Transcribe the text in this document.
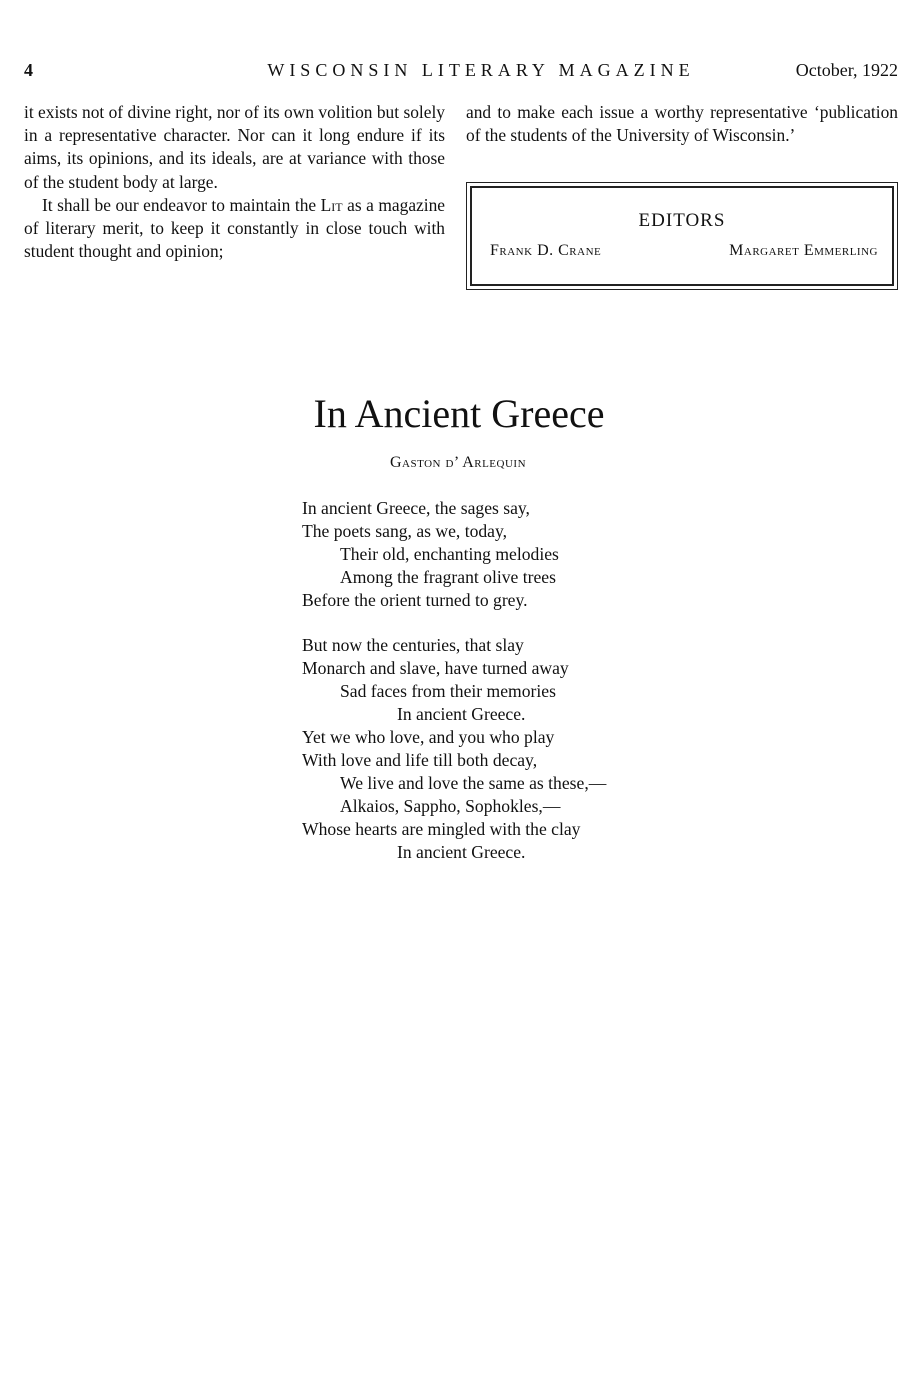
4	WISCONSIN LITERARY MAGAZINE	October, 1922

it exists not of divine right, nor of its own volition but solely in a representative character. Nor can it long endure if its aims, its opinions, and its ideals, are at variance with those of the student body at large.

It shall be our endeavor to maintain the Lit as a magazine of literary merit, to keep it constantly in close touch with student thought and opinion;

and to make each issue a worthy representative ‘publication of the students of the University of Wisconsin.’

EDITORS
Frank D. Crane	Margaret Emmerling
In Ancient Greece
Gaston d’ Arlequin
In ancient Greece, the sages say,
The poets sang, as we, today,
Their old, enchanting melodies
Among the fragrant olive trees
Before the orient turned to grey.
But now the centuries, that slay
Monarch and slave, have turned away
Sad faces from their memories
In ancient Greece.
Yet we who love, and you who play
With love and life till both decay,
We live and love the same as these,—
Alkaios, Sappho, Sophokles,—
Whose hearts are mingled with the clay
In ancient Greece.
